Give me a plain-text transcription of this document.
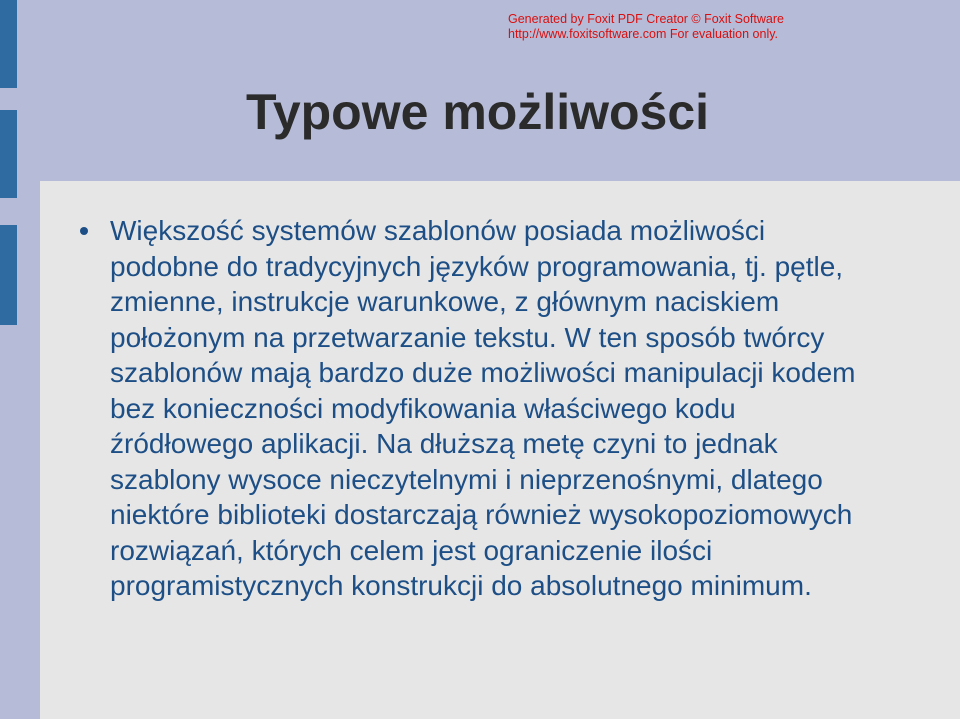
Generated by Foxit PDF Creator © Foxit Software
http://www.foxitsoftware.com For evaluation only.
Typowe możliwości

Większość systemów szablonów posiada możliwości podobne do tradycyjnych języków programowania, tj. pętle, zmienne, instrukcje warunkowe, z głównym naciskiem położonym na przetwarzanie tekstu. W ten sposób twórcy szablonów mają bardzo duże możliwości manipulacji kodem bez konieczności modyfikowania właściwego kodu źródłowego aplikacji. Na dłuższą metę czyni to jednak szablony wysoce nieczytelnymi i nieprzenośnymi, dlatego niektóre biblioteki dostarczają również wysokopoziomowych rozwiązań, których celem jest ograniczenie ilości programistycznych konstrukcji do absolutnego minimum.
